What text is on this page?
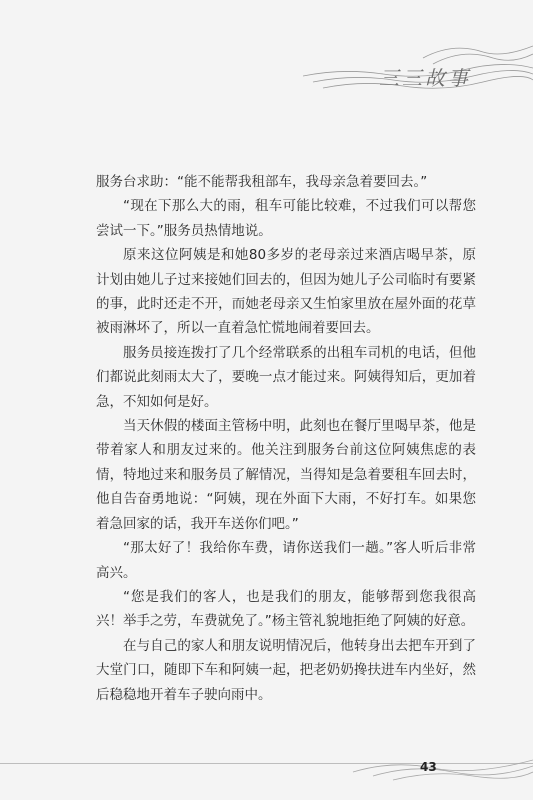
三三故事

服务台求助：“能不能帮我租部车，我母亲急着要回去。”

“现在下那么大的雨，租车可能比较难，不过我们可以帮您尝试一下。”服务员热情地说。

原来这位阿姨是和她80多岁的老母亲过来酒店喝早茶，原计划由她儿子过来接她们回去的，但因为她儿子公司临时有要紧的事，此时还走不开，而她老母亲又生怕家里放在屋外面的花草被雨淋坏了，所以一直着急忙慌地闹着要回去。

服务员接连拨打了几个经常联系的出租车司机的电话，但他们都说此刻雨太大了，要晚一点才能过来。阿姨得知后，更加着急，不知如何是好。

当天休假的楼面主管杨中明，此刻也在餐厅里喝早茶，他是带着家人和朋友过来的。他关注到服务台前这位阿姨焦虑的表情，特地过来和服务员了解情况，当得知是急着要租车回去时，他自告奋勇地说：“阿姨，现在外面下大雨，不好打车。如果您着急回家的话，我开车送你们吧。”

“那太好了！我给你车费，请你送我们一趟。”客人听后非常高兴。

“您是我们的客人，也是我们的朋友，能够帮到您我很高兴！举手之劳，车费就免了。”杨主管礼貌地拒绝了阿姨的好意。

在与自己的家人和朋友说明情况后，他转身出去把车开到了大堂门口，随即下车和阿姨一起，把老奶奶搀扶进车内坐好，然后稳稳地开着车子驶向雨中。

43
